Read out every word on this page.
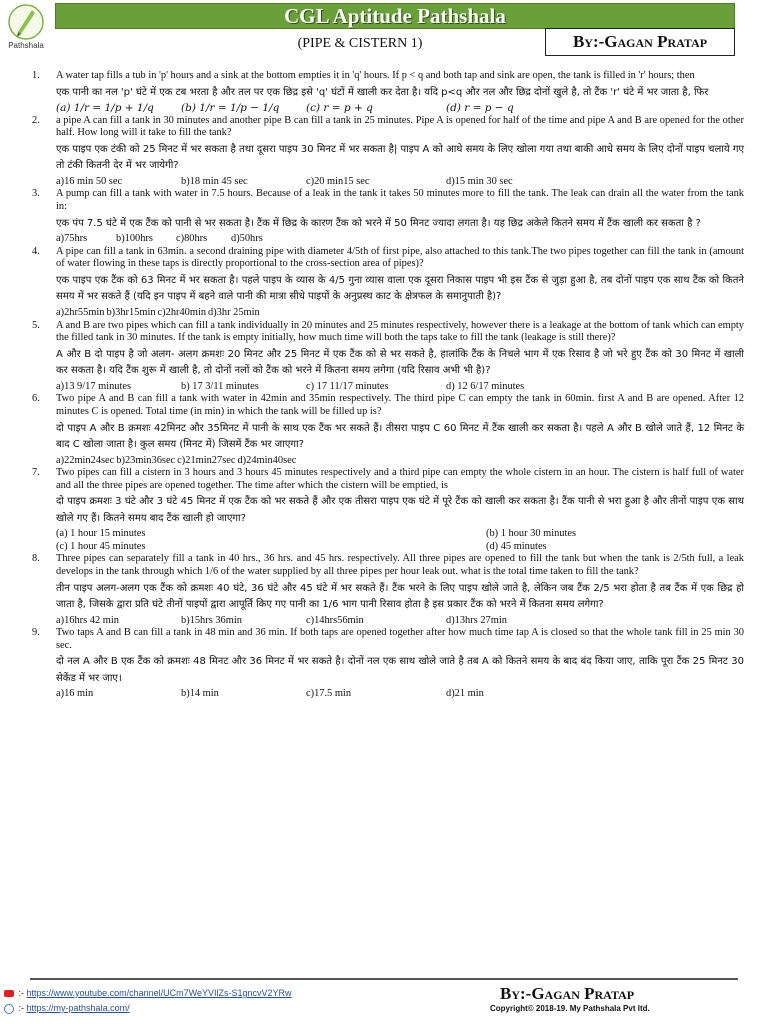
Pathshala
CGL Aptitude Pathshala
(PIPE & CISTERN 1)	By:-Gagan Pratap
1. A water tap fills a tub in 'p' hours and a sink at the bottom empties it in 'q' hours. If p < q and both tap and sink are open, the tank is filled in 'r' hours; then
एक पानी का नल 'p' घंटे में एक टब भरता है और तल पर एक छिद्र इसे 'q' घंटों में खाली कर देता है। यदि p<q और नल और छिद्र दोनों खुले है, तो टैंक 'r' घंटे में भर जाता है, फिर
(a) 1/r = 1/p + 1/q	(b) 1/r = 1/p − 1/q	(c) r = p + q	(d) r = p − q
2. a pipe A can fill a tank in 30 minutes and another pipe B can fill a tank in 25 minutes. Pipe A is opened for half of the time and pipe A and B are opened for the other half. How long will it take to fill the tank?
एक पाइप एक टंकी को 25 मिनट में भर सकता है तथा दूसरा पाइप 30 मिनट में भर सकता है| पाइप A को आधे समय के लिए खोला गया तथा बाकी आधे समय के लिए दोनों पाइप चलाये गए तो टंकी कितनी देर में भर जायेगी?
a)16 min 50 sec	b)18 min 45 sec	c)20 min15 sec	d)15 min 30 sec
3. A pump can fill a tank with water in 7.5 hours. Because of a leak in the tank it takes 50 minutes more to fill the tank. The leak can drain all the water from the tank in:
एक पंप 7.5 घंटे में एक टैंक को पानी से भर सकता है। टैंक में छिद्र के कारण टैंक को भरने में 50 मिनट ज्यादा लगता है। यह छिद्र अकेले कितने समय में टैंक खाली कर सकता है ?
a)75hrs	b)100hrs	c)80hrs	d)50hrs
4. A pipe can fill a tank in 63min. a second draining pipe with diameter 4/5th of first pipe, also attached to this tank.The two pipes together can fill the tank in (amount of water flowing in these taps is directly proportional to the cross-section area of pipes)?
एक पाइप एक टैंक को 63 मिनट में भर सकता है। पहले पाइप के व्यास के 4/5 गुना व्यास वाला एक दूसरा निकास पाइप भी इस टैंक से जुड़ा हुआ है, तब दोनों पाइप एक साथ टैंक को कितने समय में भर सकते हैं (यदि इन पाइप में बहने वाले पानी की मात्रा सीधे पाइपों के अनुप्रस्थ काट के क्षेत्रफल के समानुपाती है)?
a)2hr55min b)3hr15min c)2hr40min d)3hr 25min
5. A and B are two pipes which can fill a tank individually in 20 minutes and 25 minutes respectively, however there is a leakage at the bottom of tank which can empty the filled tank in 30 minutes. If the tank is empty initially, how much time will both the taps take to fill the tank (leakage is still there)?
A और B दो पाइप है जो अलग- अलग क्रमशः 20 मिनट और 25 मिनट में एक टैंक को से भर सकते है, हालांकि टैंक के निचले भाग में एक रिसाव है जो भरे हुए टैंक को 30 मिनट में खाली कर सकता है। यदि टैंक शुरू में खाली है, तो दोनों नलों को टैंक को भरने में कितना समय लगेगा (यदि रिसाव अभी भी है)?
a)13 9/17 minutes	b) 17 3/11 minutes	c) 17 11/17 minutes	d) 12 6/17 minutes
6. Two pipe A and B can fill a tank with water in 42min and 35min respectively. The third pipe C can empty the tank in 60min. first A and B are opened. After 12 minutes C is opened. Total time (in min) in which the tank will be filled up is?
दो पाइप A और B क्रमशः 42मिनट और 35मिनट में पानी के साथ एक टैंक भर सकते हैं। तीसरा पाइप C 60 मिनट में टैंक खाली कर सकता है। पहले A और B खोले जाते हैं, 12 मिनट के बाद C खोला जाता है। कुल समय (मिनट में) जिसमें टैंक भर जाएगा?
a)22min24sec b)23min36sec c)21min27sec d)24min40sec
7. Two pipes can fill a cistern in 3 hours and 3 hours 45 minutes respectively and a third pipe can empty the whole cistern in an hour. The cistern is half full of water and all the three pipes are opened together. The time after which the cistern will be emptied, is
दो पाइप क्रमशः 3 घंटे और 3 घंटे 45 मिनट में एक टैंक को भर सकते हैं और एक तीसरा पाइप एक घंटे में पूरे टैंक को खाली कर सकता है। टैंक पानी से भरा हुआ है और तीनों पाइप एक साथ खोले गए हैं। कितने समय बाद टैंक खाली हो जाएगा?
(a) 1 hour 15 minutes	(b) 1 hour 30 minutes
(c) 1 hour 45 minutes	(d) 45 minutes
8. Three pipes can separately fill a tank in 40 hrs., 36 hrs. and 45 hrs. respectively. All three pipes are opened to fill the tank but when the tank is 2/5th full, a leak develops in the tank through which 1/6 of the water supplied by all three pipes per hour leak out. what is the total time taken to fill the tank?
तीन पाइप अलग-अलग एक टैंक को क्रमशः 40 घंटे, 36 घंटे और 45 घंटे में भर सकते हैं। टैंक भरने के लिए पाइप खोले जाते है, लेकिन जब टैंक 2/5 भरा होता है तब टैंक में एक छिद्र हो जाता है, जिसके द्वारा प्रति घंटे तीनों पाइपों द्वारा आपूर्ति किए गए पानी का 1/6 भाग पानी रिसाव होता है इस प्रकार टैंक को भरने में कितना समय लगेगा?
a)16hrs 42 min	b)15hrs 36min	c)14hrs56min	d)13hrs 27min
9. Two taps A and B can fill a tank in 48 min and 36 min. If both taps are opened together after how much time tap A is closed so that the whole tank fill in 25 min 30 sec.
दो नल A और B एक टैंक को क्रमशः 48 मिनट और 36 मिनट में भर सकते है। दोनों नल एक साथ खोले जाते है तब A को कितने समय के बाद बंद किया जाए, ताकि पूरा टैंक 25 मिनट 30 सेकेंड में भर जाए।
a)16 min	b)14 min	c)17.5 min	d)21 min
:- https://www.youtube.com/channel/UCm7WeYVIlZs-S1gncvV2YRw
:- https://my-pathshala.com/
By:-Gagan Pratap
Copyright© 2018-19. My Pathshala Pvt ltd.
